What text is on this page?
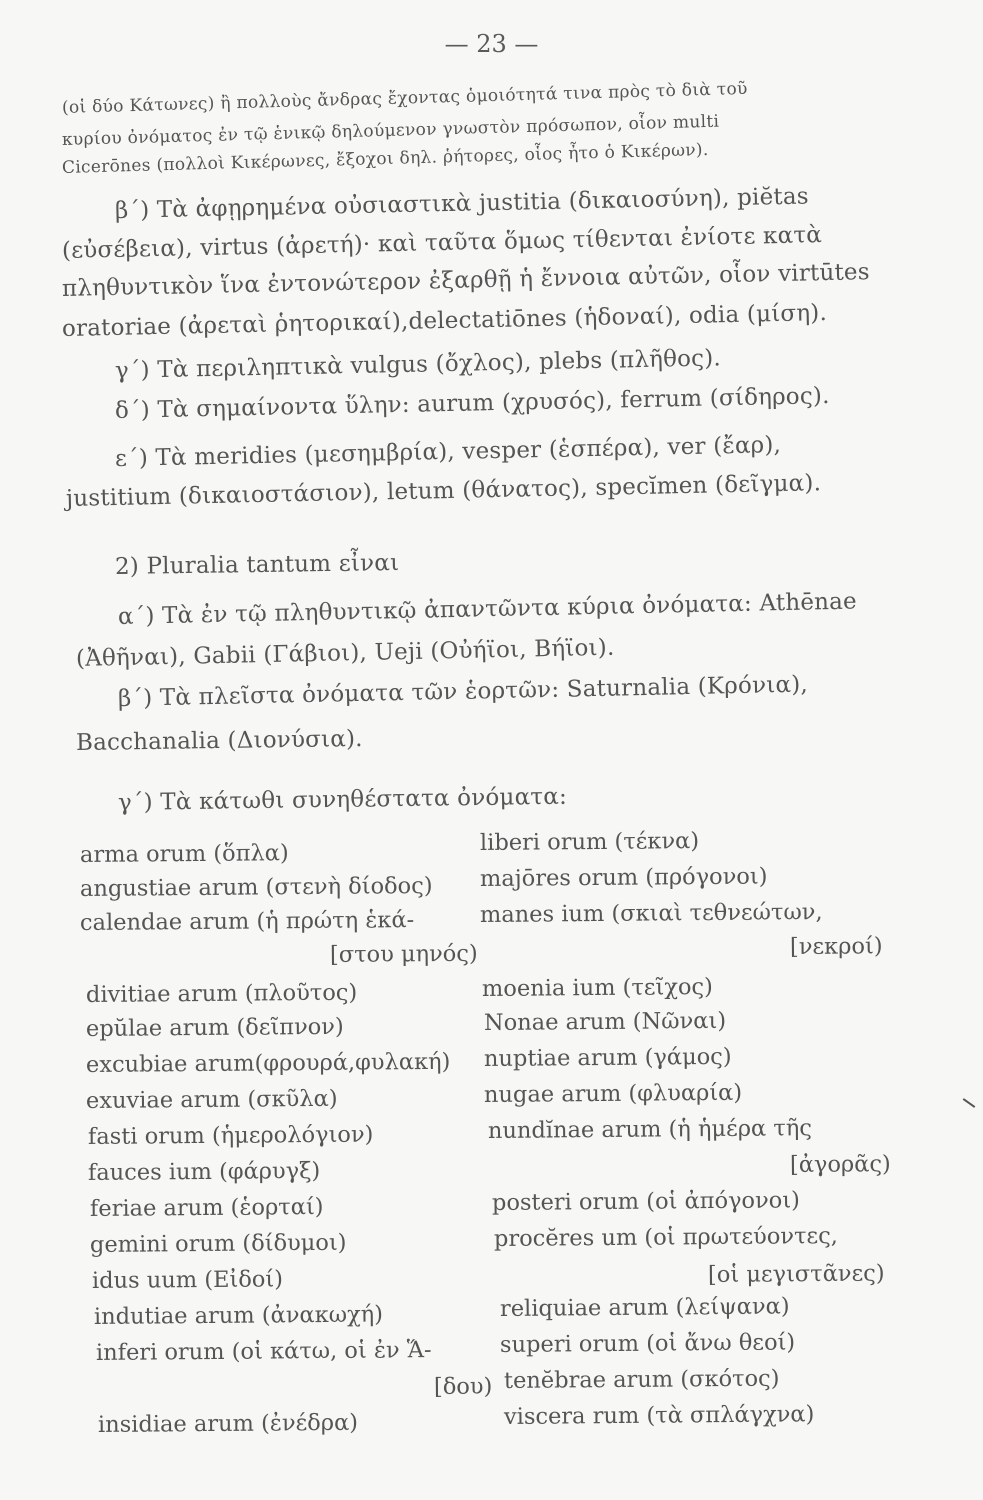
— 23 —
(οἱ δύο Κάτωνες) ἢ πολλοὺς ἄνδρας ἔχοντας ὁμοιότητά τινα πρὸς τὸ διὰ τοῦ
κυρίου ὀνόματος ἐν τῷ ἑνικῷ δηλούμενον γνωστὸν πρόσωπον, οἷον multi
Cicerōnes (πολλοὶ Κικέρωνες, ἔξοχοι δηλ. ῥήτορες, οἷος ἦτο ὁ Κικέρων).
β΄) Τὰ ἀφῃρημένα οὐσιαστικὰ justitia (δικαιοσύνη), piĕtas
(εὐσέβεια), virtus (ἀρετή)· καὶ ταῦτα ὅμως τίθενται ἐνίοτε κατὰ
πληθυντικὸν ἵνα ἐντονώτερον ἐξαρθῇ ἡ ἔννοια αὐτῶν, οἷον virtūtes
oratoriae (ἀρεταὶ ῥητορικαί),delectatiōnes (ἡδοναί), odia (μίση).
γ΄) Τὰ περιληπτικὰ vulgus (ὄχλος), plebs (πλῆθος).
δ΄) Τὰ σημαίνοντα ὕλην: aurum (χρυσός), ferrum (σίδηρος).
ε΄) Τὰ meridies (μεσημβρία), vesper (ἑσπέρα), ver (ἔαρ),
justitium (δικαιοστάσιον), letum (θάνατος), specĭmen (δεῖγμα).
2) Pluralia tantum εἶναι
α΄) Τὰ ἐν τῷ πληθυντικῷ ἀπαντῶντα κύρια ὀνόματα: Athēnae
(Ἀθῆναι), Gabii (Γάβιοι), Ueji (Οὐήϊοι, Βήϊοι).
β΄) Τὰ πλεῖστα ὀνόματα τῶν ἑορτῶν: Saturnalia (Κρόνια),
Bacchanalia (Διονύσια).
γ΄) Τὰ κάτωθι συνηθέστατα ὀνόματα:
arma orum (ὅπλα)
angustiae arum (στενὴ δίοδος)
calendae arum (ἡ πρώτη ἑκά-
[στου μηνός)
divitiae arum (πλοῦτος)
epŭlae arum (δεῖπνον)
excubiae arum(φρουρά,φυλακή)
exuviae arum (σκῦλα)
fasti orum (ἡμερολόγιον)
fauces ium (φάρυγξ)
feriae arum (ἑορταί)
gemini orum (δίδυμοι)
idus uum (Εἰδοί)
indutiae arum (ἀνακωχή)
inferi orum (οἱ κάτω, οἱ ἐν Ἅ-
[δου)
insidiae arum (ἐνέδρα)
liberi orum (τέκνα)
majōres orum (πρόγονοι)
manes ium (σκιαὶ τεθνεώτων,
[νεκροί)
moenia ium (τεῖχος)
Nonae arum (Νῶναι)
nuptiae arum (γάμος)
nugae arum (φλυαρία)
nundĭnae arum (ἡ ἡμέρα τῆς
[ἀγορᾶς)
posteri orum (οἱ ἀπόγονοι)
procĕres um (οἱ πρωτεύοντες,
[οἱ μεγιστᾶνες)
reliquiae arum (λείψανα)
superi orum (οἱ ἄνω θεοί)
tenĕbrae arum (σκότος)
viscera rum (τὰ σπλάγχνα)
